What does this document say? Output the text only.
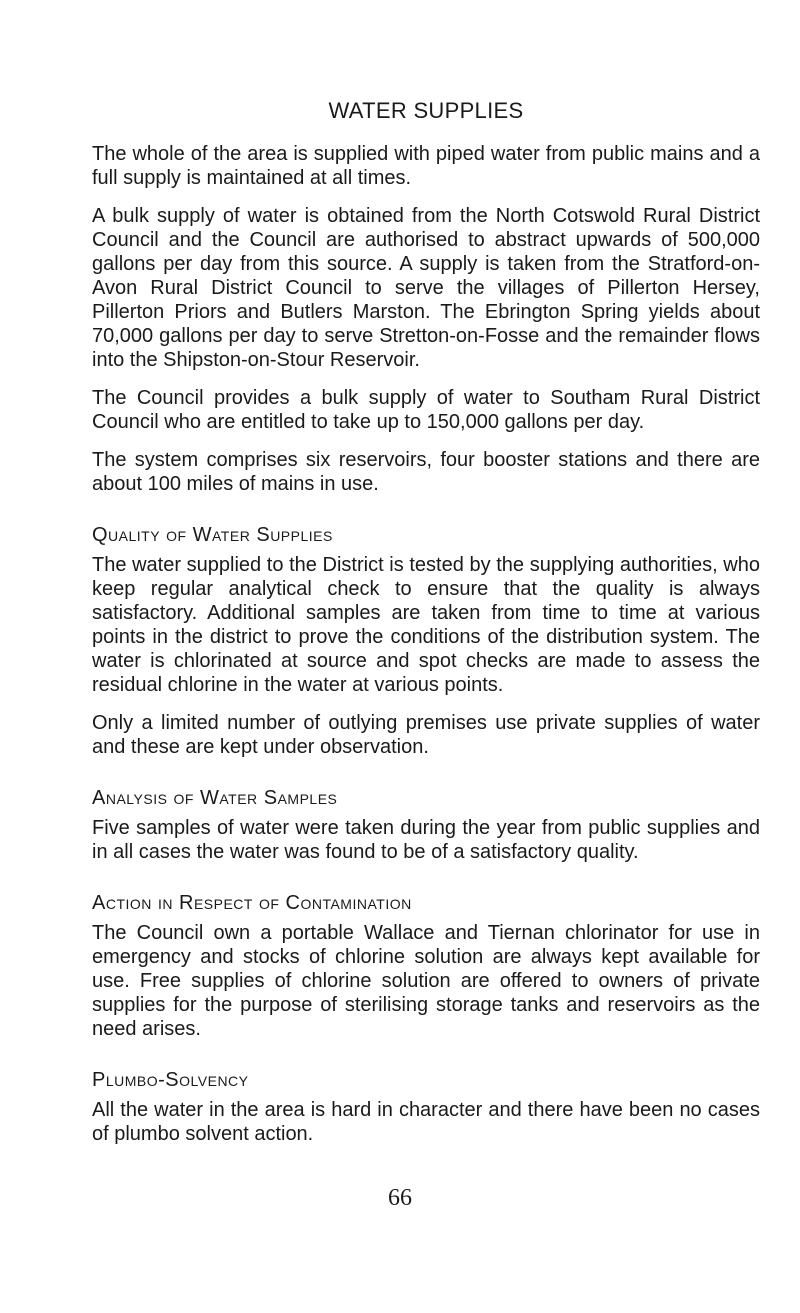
WATER SUPPLIES

The whole of the area is supplied with piped water from public mains and a full supply is maintained at all times.

A bulk supply of water is obtained from the North Cotswold Rural District Council and the Council are authorised to abstract upwards of 500,000 gallons per day from this source. A supply is taken from the Stratford-on-Avon Rural District Council to serve the villages of Pillerton Hersey, Pillerton Priors and Butlers Marston. The Ebrington Spring yields about 70,000 gallons per day to serve Stretton-on-Fosse and the remainder flows into the Shipston-on-Stour Reservoir.

The Council provides a bulk supply of water to Southam Rural District Council who are entitled to take up to 150,000 gallons per day.

The system comprises six reservoirs, four booster stations and there are about 100 miles of mains in use.

Quality of Water Supplies

The water supplied to the District is tested by the supplying authorities, who keep regular analytical check to ensure that the quality is always satisfactory. Additional samples are taken from time to time at various points in the district to prove the conditions of the distribution system. The water is chlorinated at source and spot checks are made to assess the residual chlorine in the water at various points.

Only a limited number of outlying premises use private supplies of water and these are kept under observation.

Analysis of Water Samples

Five samples of water were taken during the year from public supplies and in all cases the water was found to be of a satisfactory quality.

Action in Respect of Contamination

The Council own a portable Wallace and Tiernan chlorinator for use in emergency and stocks of chlorine solution are always kept available for use. Free supplies of chlorine solution are offered to owners of private supplies for the purpose of sterilising storage tanks and reservoirs as the need arises.

Plumbo-Solvency

All the water in the area is hard in character and there have been no cases of plumbo solvent action.

66
